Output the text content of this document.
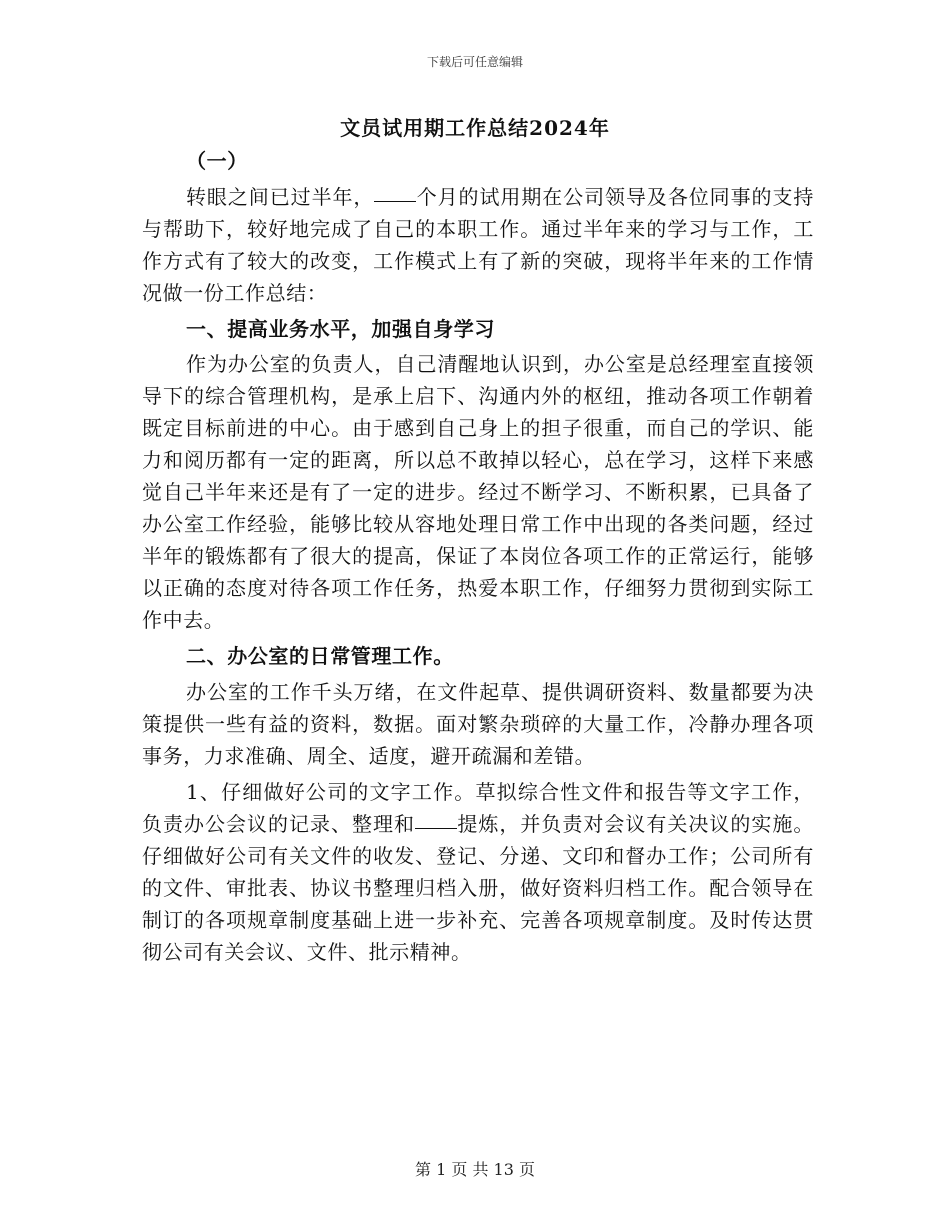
下载后可任意编辑
文员试用期工作总结2024年

（一）

转眼之间已过半年， 个月的试用期在公司领导及各位同事的支持与帮助下，较好地完成了自己的本职工作。通过半年来的学习与工作，工作方式有了较大的改变，工作模式上有了新的突破，现将半年来的工作情况做一份工作总结：

一、提高业务水平，加强自身学习

作为办公室的负责人，自己清醒地认识到，办公室是总经理室直接领导下的综合管理机构，是承上启下、沟通内外的枢纽，推动各项工作朝着既定目标前进的中心。由于感到自己身上的担子很重，而自己的学识、能力和阅历都有一定的距离，所以总不敢掉以轻心，总在学习，这样下来感觉自己半年来还是有了一定的进步。经过不断学习、不断积累，已具备了办公室工作经验，能够比较从容地处理日常工作中出现的各类问题，经过半年的锻炼都有了很大的提高，保证了本岗位各项工作的正常运行，能够以正确的态度对待各项工作任务，热爱本职工作，仔细努力贯彻到实际工作中去。

二、办公室的日常管理工作。

办公室的工作千头万绪，在文件起草、提供调研资料、数量都要为决策提供一些有益的资料，数据。面对繁杂琐碎的大量工作，冷静办理各项事务，力求准确、周全、适度，避开疏漏和差错。

1、仔细做好公司的文字工作。草拟综合性文件和报告等文字工作，负责办公会议的记录、整理和 提炼，并负责对会议有关决议的实施。仔细做好公司有关文件的收发、登记、分递、文印和督办工作；公司所有的文件、审批表、协议书整理归档入册，做好资料归档工作。配合领导在制订的各项规章制度基础上进一步补充、完善各项规章制度。及时传达贯彻公司有关会议、文件、批示精神。

第 1 页 共 13 页
